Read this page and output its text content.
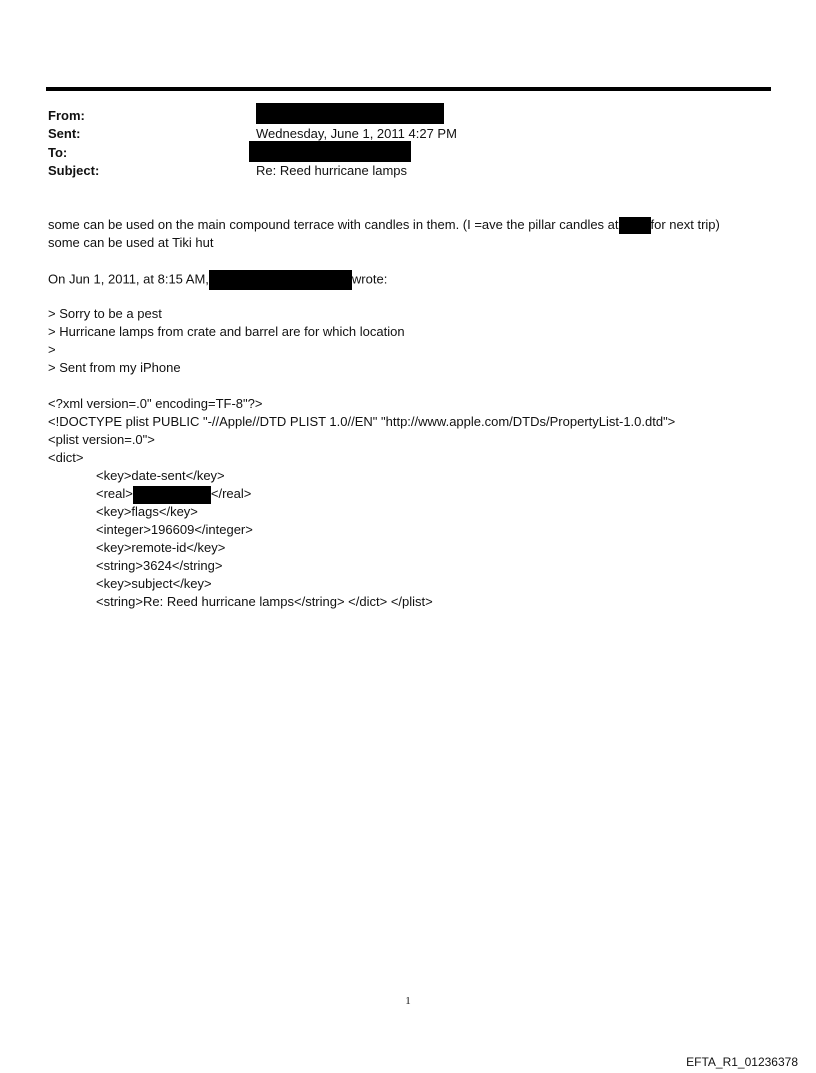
From:
Sent:	Wednesday, June 1, 2011 4:27 PM
To:
Subject:	Re: Reed hurricane lamps
some can be used on the main compound terrace with candles in them. (I =ave the pillar candles at for next trip)
some can be used at Tiki hut
On Jun 1, 2011, at 8:15 AM,	wrote:
> Sorry to be a pest
> Hurricane lamps from crate and barrel are for which location
>
> Sent from my iPhone
<?xml version=.0" encoding=TF-8"?>
<!DOCTYPE plist PUBLIC "-//Apple//DTD PLIST 1.0//EN" "http://www.apple.com/DTDs/PropertyList-1.0.dtd">
<plist version=.0">
<dict>
<key>date-sent</key>
<real>	</real>
<key>flags</key>
<integer>196609</integer>
<key>remote-id</key>
<string>3624</string>
<key>subject</key>
<string>Re: Reed hurricane lamps</string> </dict> </plist>
1
EFTA_R1_01236378
